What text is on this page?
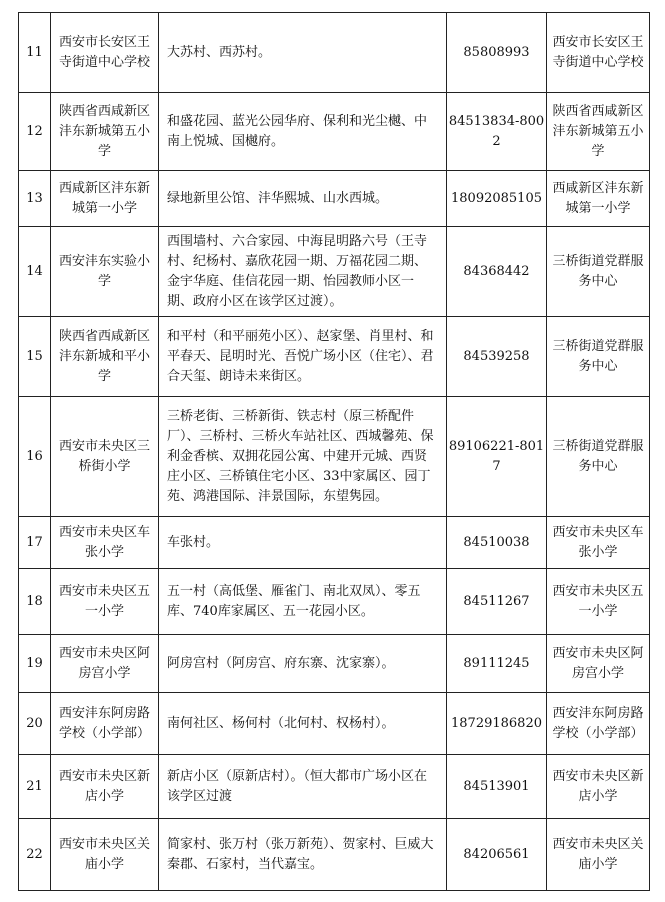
11	西安市长安区王寺街道中心学校	大苏村、西苏村。	85808993	西安市长安区王寺街道中心学校
12	陕西省西咸新区沣东新城第五小学	和盛花园、蓝光公园华府、保利和光尘樾、中南上悦城、国樾府。	84513834-8002	陕西省西咸新区沣东新城第五小学
13	西咸新区沣东新城第一小学	绿地新里公馆、沣华熙城、山水西城。	18092085105	西咸新区沣东新城第一小学
14	西安沣东实验小学	西围墙村、六合家园、中海昆明路六号（王寺村、纪杨村、嘉欣花园一期、万福花园二期、金宇华庭、佳信花园一期、怡园教师小区一期、政府小区在该学区过渡）。	84368442	三桥街道党群服务中心
15	陕西省西咸新区沣东新城和平小学	和平村（和平丽苑小区）、赵家堡、肖里村、和平春天、昆明时光、吾悦广场小区（住宅）、君合天玺、朗诗未来街区。	84539258	三桥街道党群服务中心
16	西安市未央区三桥街小学	三桥老街、三桥新街、铁志村（原三桥配件厂）、三桥村、三桥火车站社区、西城馨苑、保利金香槟、双拥花园公寓、中建开元城、西贤庄小区、三桥镇住宅小区、33中家属区、园丁苑、鸿港国际、沣景国际，东望隽园。	89106221-8017	三桥街道党群服务中心
17	西安市未央区车张小学	车张村。	84510038	西安市未央区车张小学
18	西安市未央区五一小学	五一村（高低堡、雁雀门、南北双凤）、零五库、740库家属区、五一花园小区。	84511267	西安市未央区五一小学
19	西安市未央区阿房宫小学	阿房宫村（阿房宫、府东寨、沈家寨）。	89111245	西安市未央区阿房宫小学
20	西安沣东阿房路学校（小学部）	南何社区、杨何村（北何村、权杨村）。	18729186820	西安沣东阿房路学校（小学部）
21	西安市未央区新店小学	新店小区（原新店村）。（恒大都市广场小区在该学区过渡	84513901	西安市未央区新店小学
22	西安市未央区关庙小学	简家村、张万村（张万新苑）、贺家村、巨威大秦郡、石家村，当代嘉宝。	84206561	西安市未央区关庙小学
